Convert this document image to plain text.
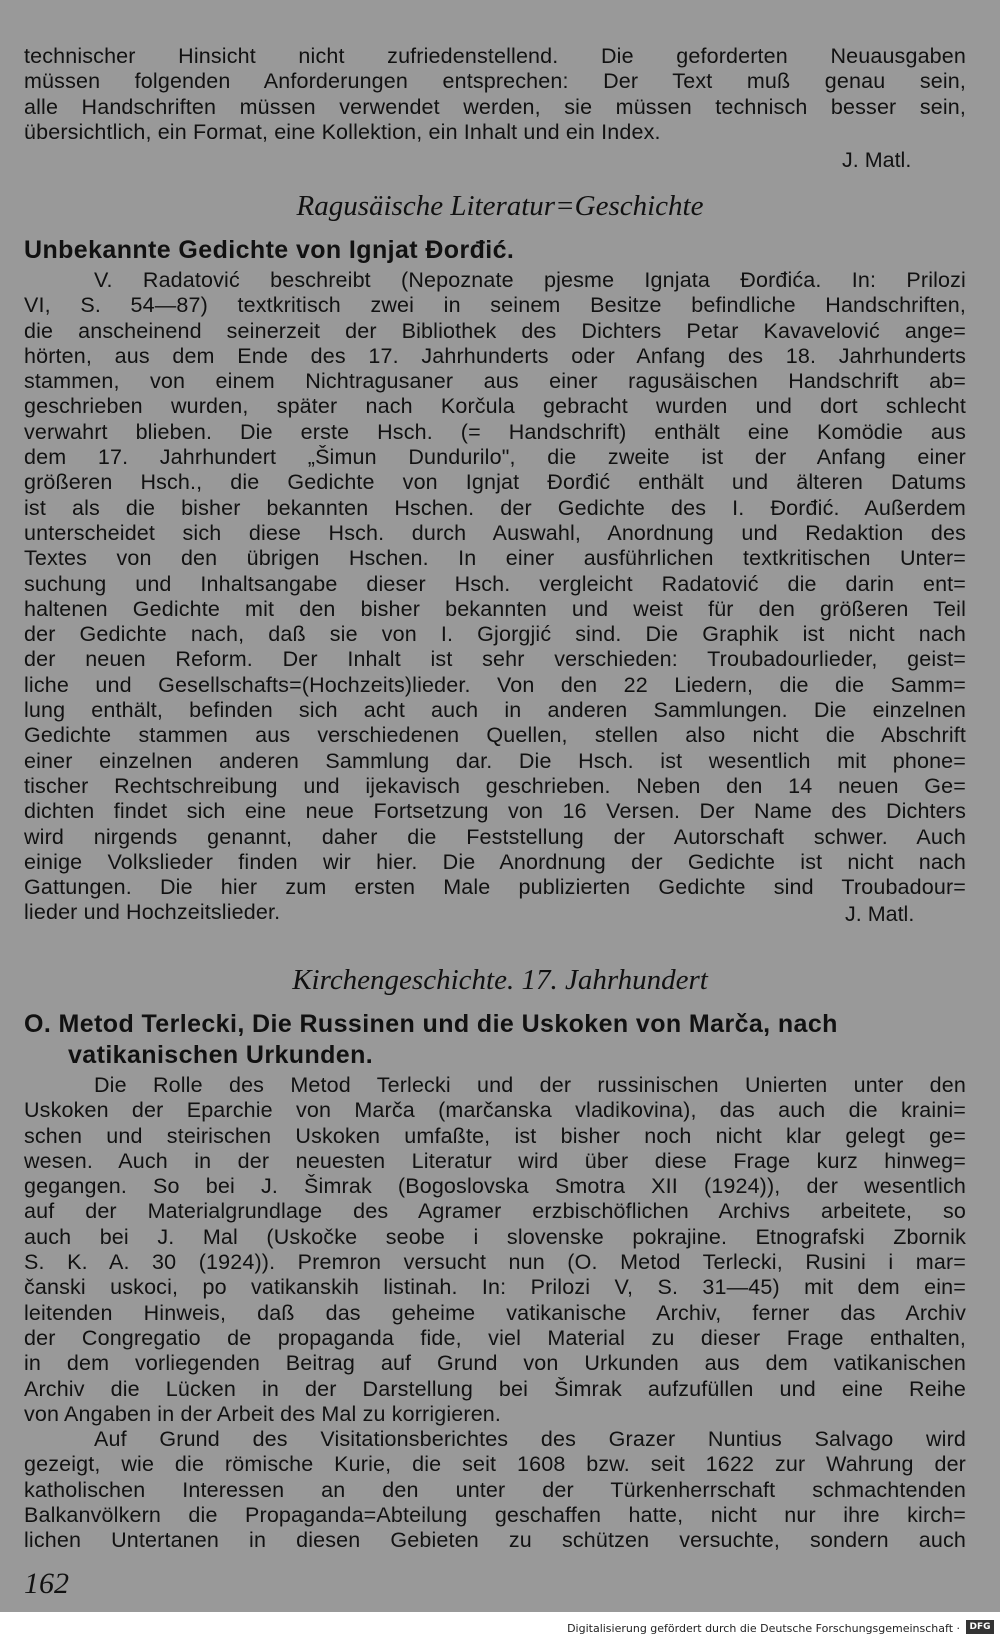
technischer Hinsicht nicht zufriedenstellend. Die geforderten Neuausgaben
müssen folgenden Anforderungen entsprechen: Der Text muß genau sein,
alle Handschriften müssen verwendet werden, sie müssen technisch besser sein,
übersichtlich, ein Format, eine Kollektion, ein Inhalt und ein Index.
J. Matl.
Ragusäische Literatur=Geschichte
Unbekannte Gedichte von Ignjat Đorđić.
V. Radatović beschreibt (Nepoznate pjesme Ignjata Đorđića. In: Prilozi
VI, S. 54—87) textkritisch zwei in seinem Besitze befindliche Handschriften,
die anscheinend seinerzeit der Bibliothek des Dichters Petar Kavavelović ange=
hörten, aus dem Ende des 17. Jahrhunderts oder Anfang des 18. Jahrhunderts
stammen, von einem Nichtragusaner aus einer ragusäischen Handschrift ab=
geschrieben wurden, später nach Korčula gebracht wurden und dort schlecht
verwahrt blieben. Die erste Hsch. (= Handschrift) enthält eine Komödie aus
dem 17. Jahrhundert „Šimun Dundurilo", die zweite ist der Anfang einer
größeren Hsch., die Gedichte von Ignjat Đorđić enthält und älteren Datums
ist als die bisher bekannten Hschen. der Gedichte des I. Đorđić. Außerdem
unterscheidet sich diese Hsch. durch Auswahl, Anordnung und Redaktion des
Textes von den übrigen Hschen. In einer ausführlichen textkritischen Unter=
suchung und Inhaltsangabe dieser Hsch. vergleicht Radatović die darin ent=
haltenen Gedichte mit den bisher bekannten und weist für den größeren Teil
der Gedichte nach, daß sie von I. Gjorgjić sind. Die Graphik ist nicht nach
der neuen Reform. Der Inhalt ist sehr verschieden: Troubadourlieder, geist=
liche und Gesellschafts=(Hochzeits)lieder. Von den 22 Liedern, die die Samm=
lung enthält, befinden sich acht auch in anderen Sammlungen. Die einzelnen
Gedichte stammen aus verschiedenen Quellen, stellen also nicht die Abschrift
einer einzelnen anderen Sammlung dar. Die Hsch. ist wesentlich mit phone=
tischer Rechtschreibung und ijekavisch geschrieben. Neben den 14 neuen Ge=
dichten findet sich eine neue Fortsetzung von 16 Versen. Der Name des Dichters
wird nirgends genannt, daher die Feststellung der Autorschaft schwer. Auch
einige Volkslieder finden wir hier. Die Anordnung der Gedichte ist nicht nach
Gattungen. Die hier zum ersten Male publizierten Gedichte sind Troubadour=
lieder und Hochzeitslieder.	J. Matl.
Kirchengeschichte. 17. Jahrhundert
O. Metod Terlecki, Die Russinen und die Uskoken von Marča, nach
vatikanischen Urkunden.
Die Rolle des Metod Terlecki und der russinischen Unierten unter den
Uskoken der Eparchie von Marča (marčanska vladikovina), das auch die kraini=
schen und steirischen Uskoken umfaßte, ist bisher noch nicht klar gelegt ge=
wesen. Auch in der neuesten Literatur wird über diese Frage kurz hinweg=
gegangen. So bei J. Šimrak (Bogoslovska Smotra XII (1924)), der wesentlich
auf der Materialgrundlage des Agramer erzbischöflichen Archivs arbeitete, so
auch bei J. Mal (Uskočke seobe i slovenske pokrajine. Etnografski Zbornik
S. K. A. 30 (1924)). Premron versucht nun (O. Metod Terlecki, Rusini i mar=
čanski uskoci, po vatikanskih listinah. In: Prilozi V, S. 31—45) mit dem ein=
leitenden Hinweis, daß das geheime vatikanische Archiv, ferner das Archiv
der Congregatio de propaganda fide, viel Material zu dieser Frage enthalten,
in dem vorliegenden Beitrag auf Grund von Urkunden aus dem vatikanischen
Archiv die Lücken in der Darstellung bei Šimrak aufzufüllen und eine Reihe
von Angaben in der Arbeit des Mal zu korrigieren.
Auf Grund des Visitationsberichtes des Grazer Nuntius Salvago wird
gezeigt, wie die römische Kurie, die seit 1608 bzw. seit 1622 zur Wahrung der
katholischen Interessen an den unter der Türkenherrschaft schmachtenden
Balkanvölkern die Propaganda=Abteilung geschaffen hatte, nicht nur ihre kirch=
lichen Untertanen in diesen Gebieten zu schützen versuchte, sondern auch
162
Digitalisierung gefördert durch die Deutsche Forschungsgemeinschaft ·	DFG
